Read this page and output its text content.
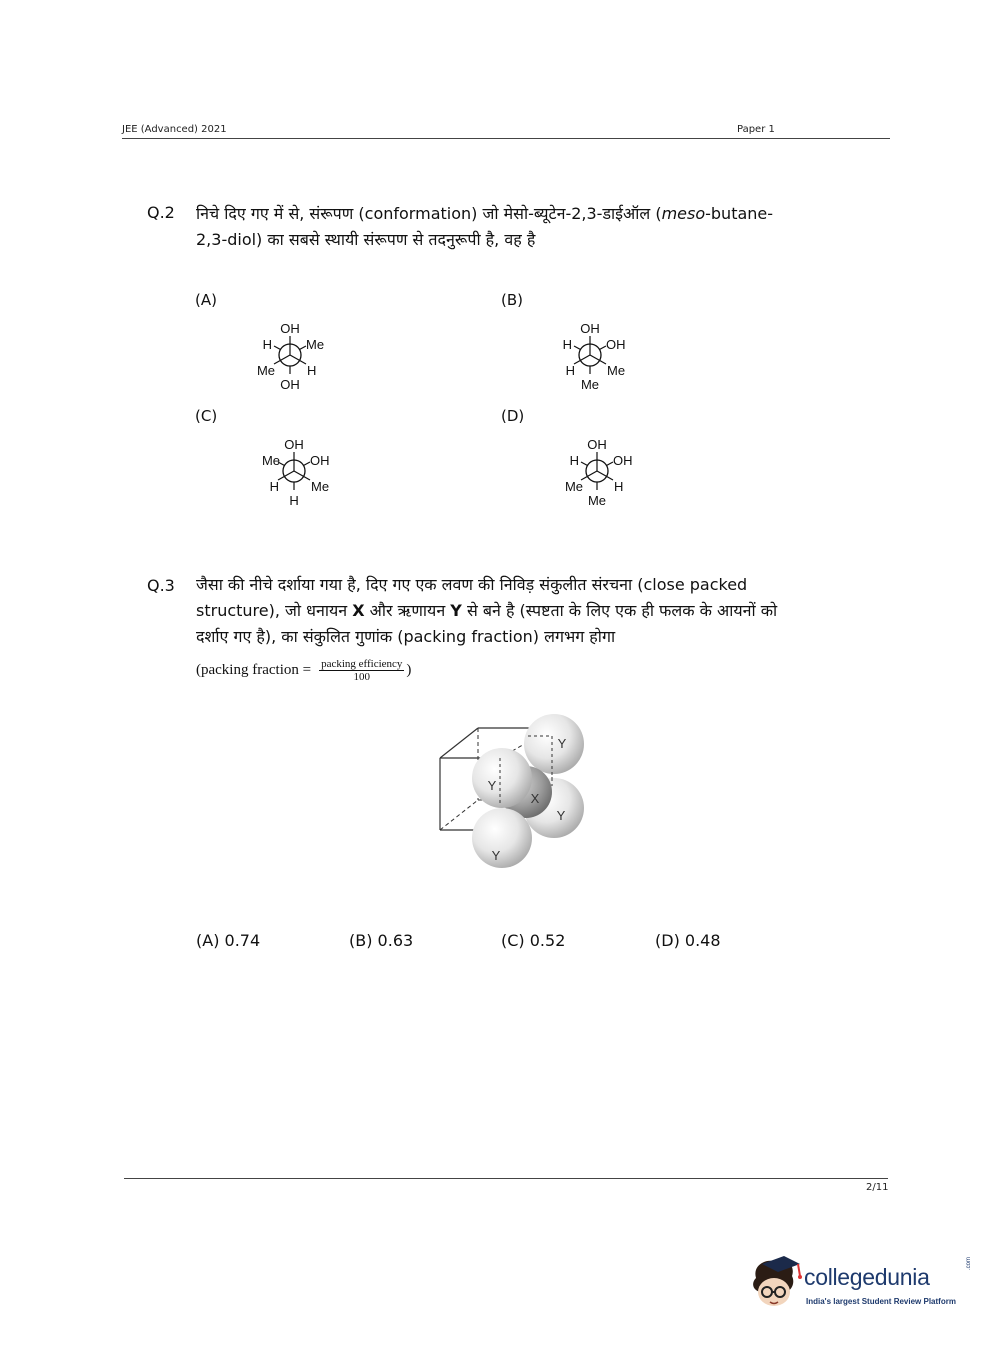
JEE (Advanced) 2021	Paper 1
Q.2 निचे दिए गए में से, संरूपण (conformation) जो मेसो-ब्यूटेन-2,3-डाईऑल (meso-butane-
2,3-diol) का सबसे स्थायी संरूपण से तदनुरूपी है, वह है
(A)	(B)
(C)	(D)
OH
H	Me
Me H
OH
OH
H	OH
H Me
Me
OH
Me OH
H Me
H
OH
H	OH
Me H
Me
Q.3 जैसा की नीचे दर्शाया गया है, दिए गए एक लवण की निविड़ संकुलीत संरचना (close packed
structure), जो धनायन X और ऋणायन Y से बने है (स्पष्टता के लिए एक ही फलक के आयनों को
दर्शाए गए है), का संकुलित गुणांक (packing fraction) लगभग होगा
(packing fraction = $\frac{\text{packing efficiency}}{100}$ )
Y
Y
X
Y
Y
(A) 0.74	(B) 0.63	(C) 0.52	(D) 0.48
2/11
collegedunia
.com
India's largest Student Review Platform
